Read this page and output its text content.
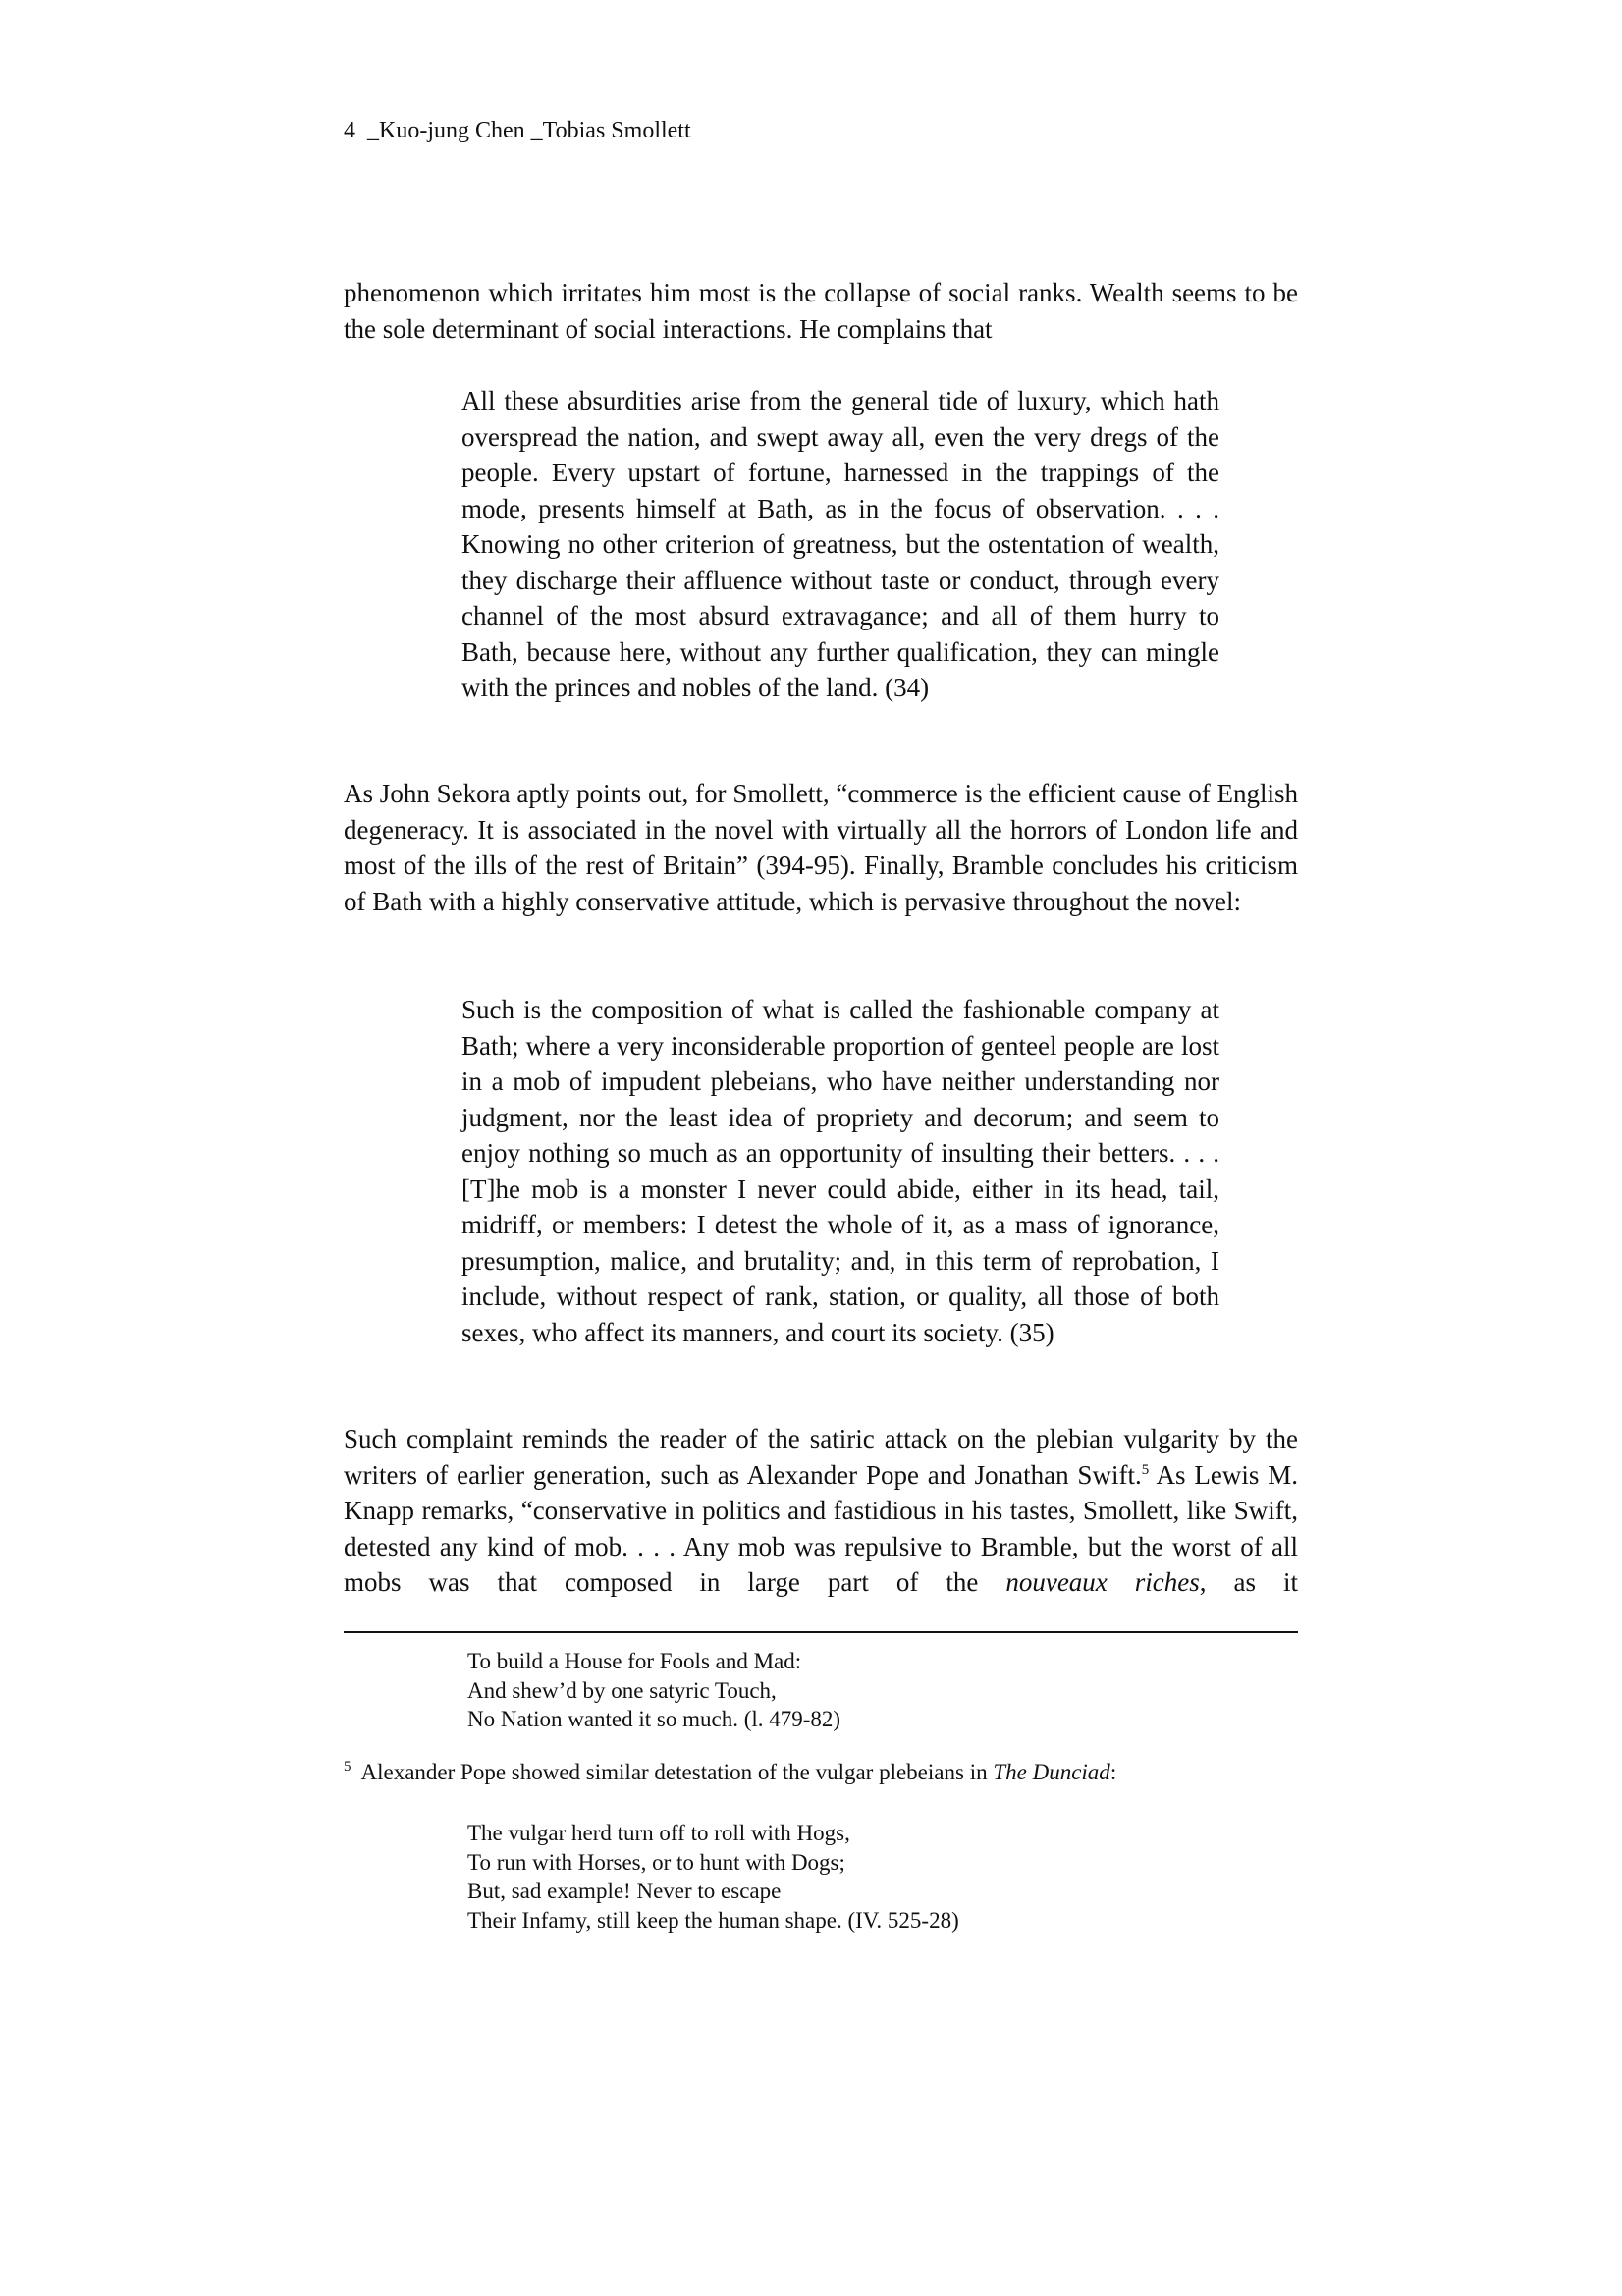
4  _Kuo-jung Chen _Tobias Smollett

phenomenon which irritates him most is the collapse of social ranks. Wealth seems to be the sole determinant of social interactions. He complains that

All these absurdities arise from the general tide of luxury, which hath overspread the nation, and swept away all, even the very dregs of the people. Every upstart of fortune, harnessed in the trappings of the mode, presents himself at Bath, as in the focus of observation. . . . Knowing no other criterion of greatness, but the ostentation of wealth, they discharge their affluence without taste or conduct, through every channel of the most absurd extravagance; and all of them hurry to Bath, because here, without any further qualification, they can mingle with the princes and nobles of the land. (34)

As John Sekora aptly points out, for Smollett, “commerce is the efficient cause of English degeneracy. It is associated in the novel with virtually all the horrors of London life and most of the ills of the rest of Britain” (394-95). Finally, Bramble concludes his criticism of Bath with a highly conservative attitude, which is pervasive throughout the novel:

Such is the composition of what is called the fashionable company at Bath; where a very inconsiderable proportion of genteel people are lost in a mob of impudent plebeians, who have neither understanding nor judgment, nor the least idea of propriety and decorum; and seem to enjoy nothing so much as an opportunity of insulting their betters. . . . [T]he mob is a monster I never could abide, either in its head, tail, midriff, or members: I detest the whole of it, as a mass of ignorance, presumption, malice, and brutality; and, in this term of reprobation, I include, without respect of rank, station, or quality, all those of both sexes, who affect its manners, and court its society. (35)

Such complaint reminds the reader of the satiric attack on the plebian vulgarity by the writers of earlier generation, such as Alexander Pope and Jonathan Swift.$^5$ As Lewis M. Knapp remarks, “conservative in politics and fastidious in his tastes, Smollett, like Swift, detested any kind of mob. . . . Any mob was repulsive to Bramble, but the worst of all mobs was that composed in large part of the nouveaux riches, as it

To build a House for Fools and Mad:
And shew’d by one satyric Touch,
No Nation wanted it so much. (l. 479-82)

$^5$ Alexander Pope showed similar detestation of the vulgar plebeians in The Dunciad:

The vulgar herd turn off to roll with Hogs,
To run with Horses, or to hunt with Dogs;
But, sad example! Never to escape
Their Infamy, still keep the human shape. (IV. 525-28)
